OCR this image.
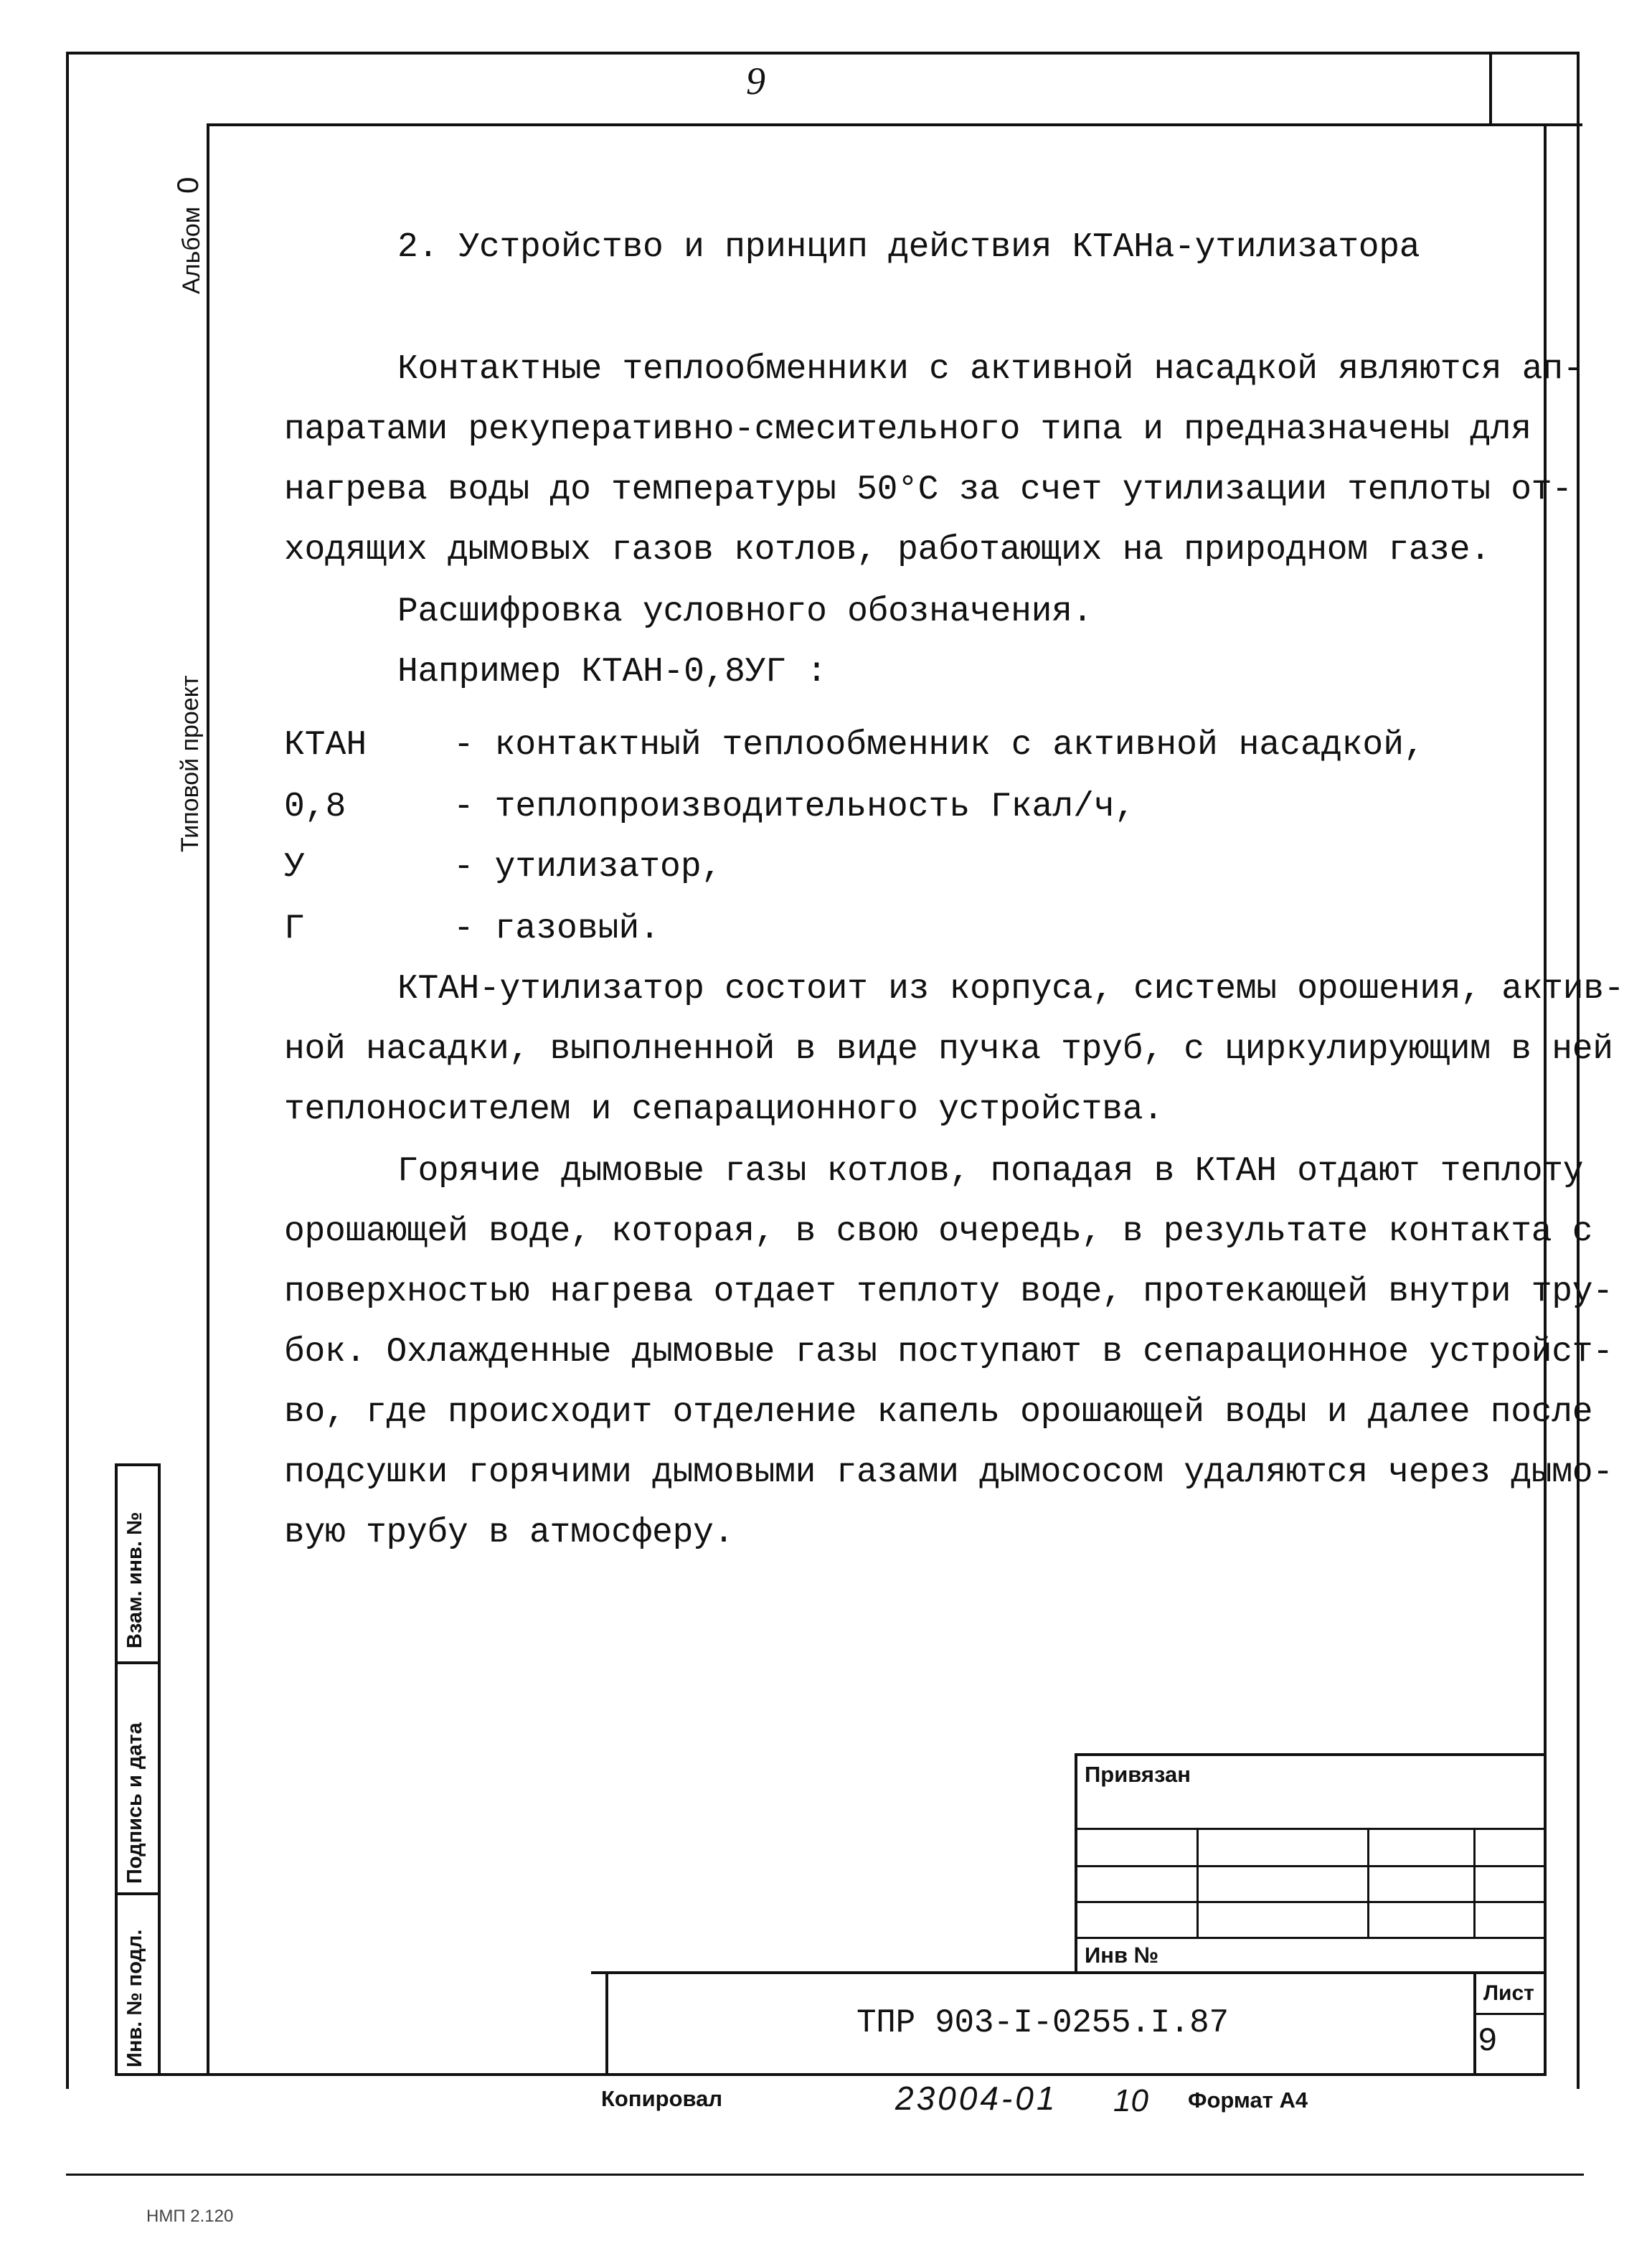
9
Альбом
0
Типовой проект
Взам. инв. №
Подпись и дата
Инв. № подл.
2. Устройство и принцип действия КТАНа-утилизатора
Контактные теплообменники с активной насадкой являются ап-
паратами рекуперативно-смесительного типа и предназначены для
нагрева воды до температуры 50°С за счет утилизации теплоты от-
ходящих дымовых газов котлов, работающих на природном газе.
Расшифровка условного обозначения.
Например КТАН-0,8УГ :
КТАН	- контактный теплообменник с активной насадкой,
0,8	- теплопроизводительность Гкал/ч,
У	- утилизатор,
Г	- газовый.
КТАН-утилизатор состоит из корпуса, системы орошения, актив-
ной насадки, выполненной в виде пучка труб, с циркулирующим в ней
теплоносителем и сепарационного устройства.
Горячие дымовые газы котлов, попадая в КТАН отдают теплоту
орошающей воде, которая, в свою очередь, в результате контакта с
поверхностью нагрева отдает теплоту воде, протекающей внутри тру-
бок. Охлажденные дымовые газы поступают в сепарационное устройст-
во, где происходит отделение капель орошающей воды и далее после
подсушки горячими дымовыми газами дымососом удаляются через дымо-
вую трубу в атмосферу.
Привязан
Инв №
ТПР 903-I-0255.I.87
Лист
9
Копировал	23004-01 10 Формат А4
НМП 2.120
